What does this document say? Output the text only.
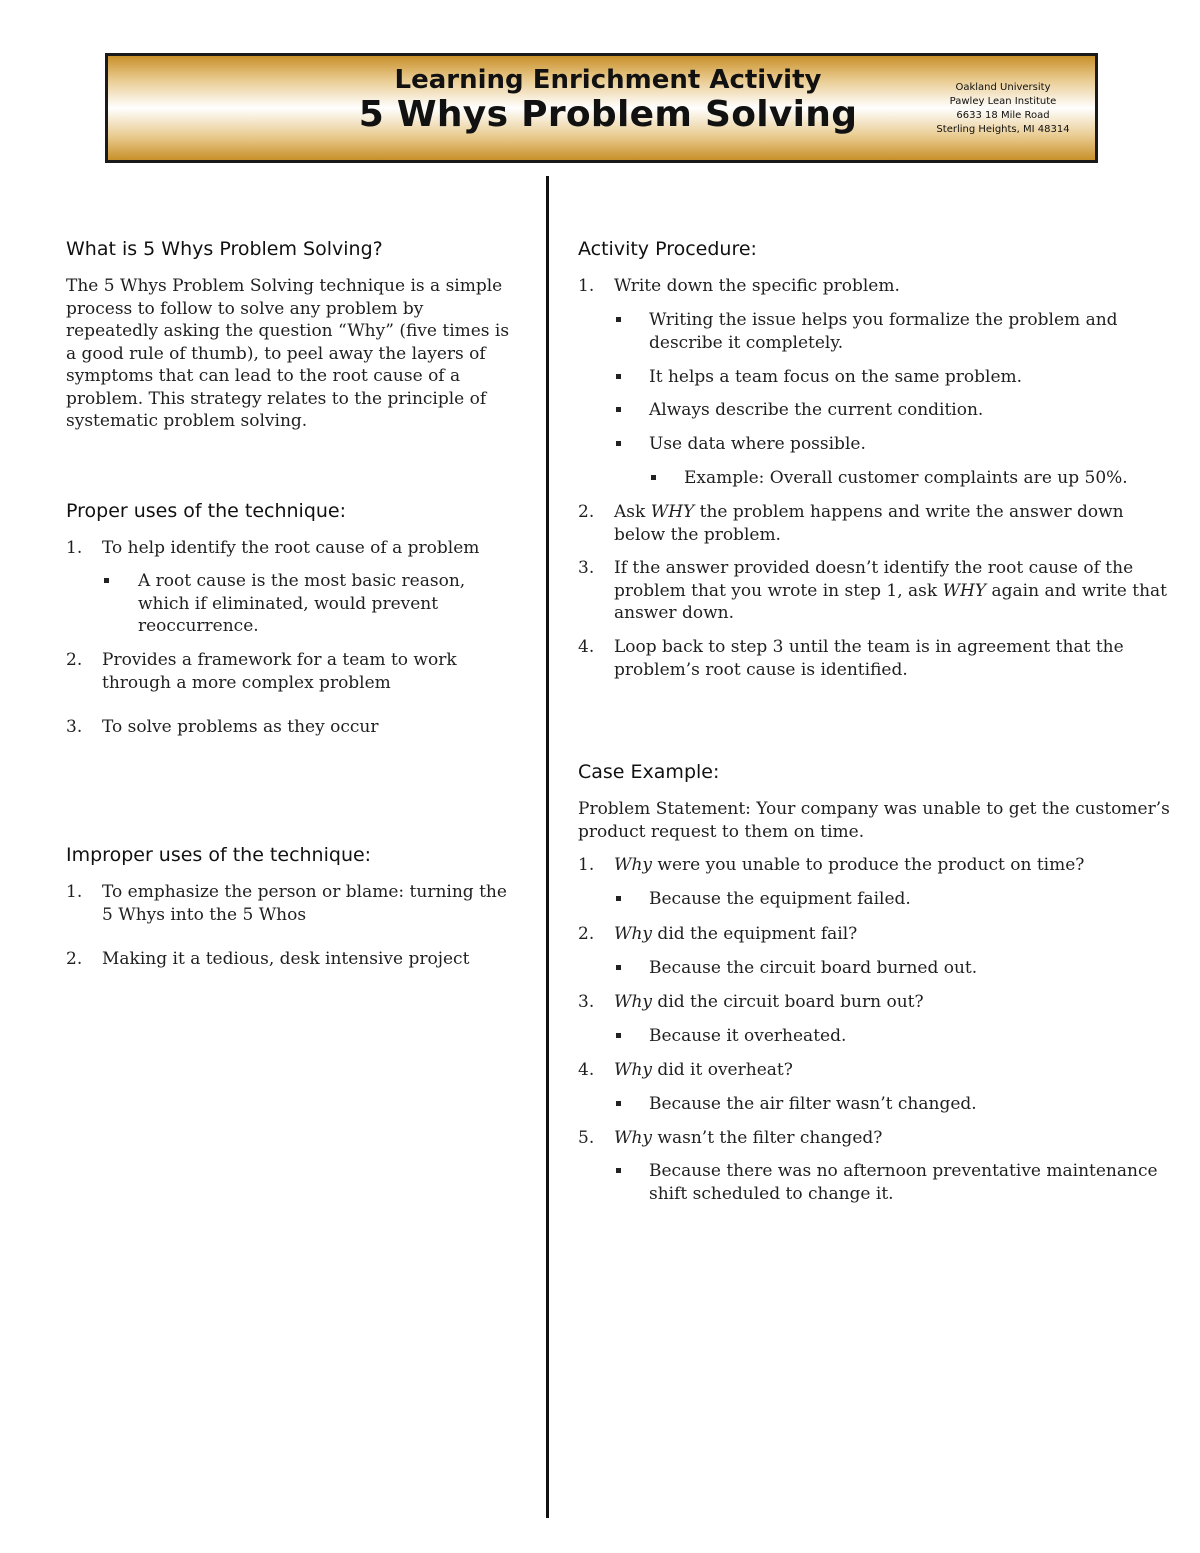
Learning Enrichment Activity
5 Whys Problem Solving
Oakland University
Pawley Lean Institute
6633 18 Mile Road
Sterling Heights, MI 48314
What is 5 Whys Problem Solving?
The 5 Whys Problem Solving technique is a simple
process to follow to solve any problem by
repeatedly asking the question “Why” (five times is
a good rule of thumb), to peel away the layers of
symptoms that can lead to the root cause of a
problem. This strategy relates to the principle of
systematic problem solving.
Proper uses of the technique:
1. To help identify the root cause of a problem
A root cause is the most basic reason,
which if eliminated, would prevent
reoccurrence.
2. Provides a framework for a team to work
through a more complex problem
3. To solve problems as they occur
Improper uses of the technique:
1. To emphasize the person or blame: turning the
5 Whys into the 5 Whos
2. Making it a tedious, desk intensive project
Activity Procedure:
1. Write down the specific problem.
Writing the issue helps you formalize the problem and
describe it completely.
It helps a team focus on the same problem.
Always describe the current condition.
Use data where possible.
Example: Overall customer complaints are up 50%.
2. Ask WHY the problem happens and write the answer down
below the problem.
3. If the answer provided doesn’t identify the root cause of the
problem that you wrote in step 1, ask WHY again and write that
answer down.
4. Loop back to step 3 until the team is in agreement that the
problem’s root cause is identified.
Case Example:
Problem Statement: Your company was unable to get the customer’s
product request to them on time.
1. Why were you unable to produce the product on time?
Because the equipment failed.
2. Why did the equipment fail?
Because the circuit board burned out.
3. Why did the circuit board burn out?
Because it overheated.
4. Why did it overheat?
Because the air filter wasn’t changed.
5. Why wasn’t the filter changed?
Because there was no afternoon preventative maintenance
shift scheduled to change it.
